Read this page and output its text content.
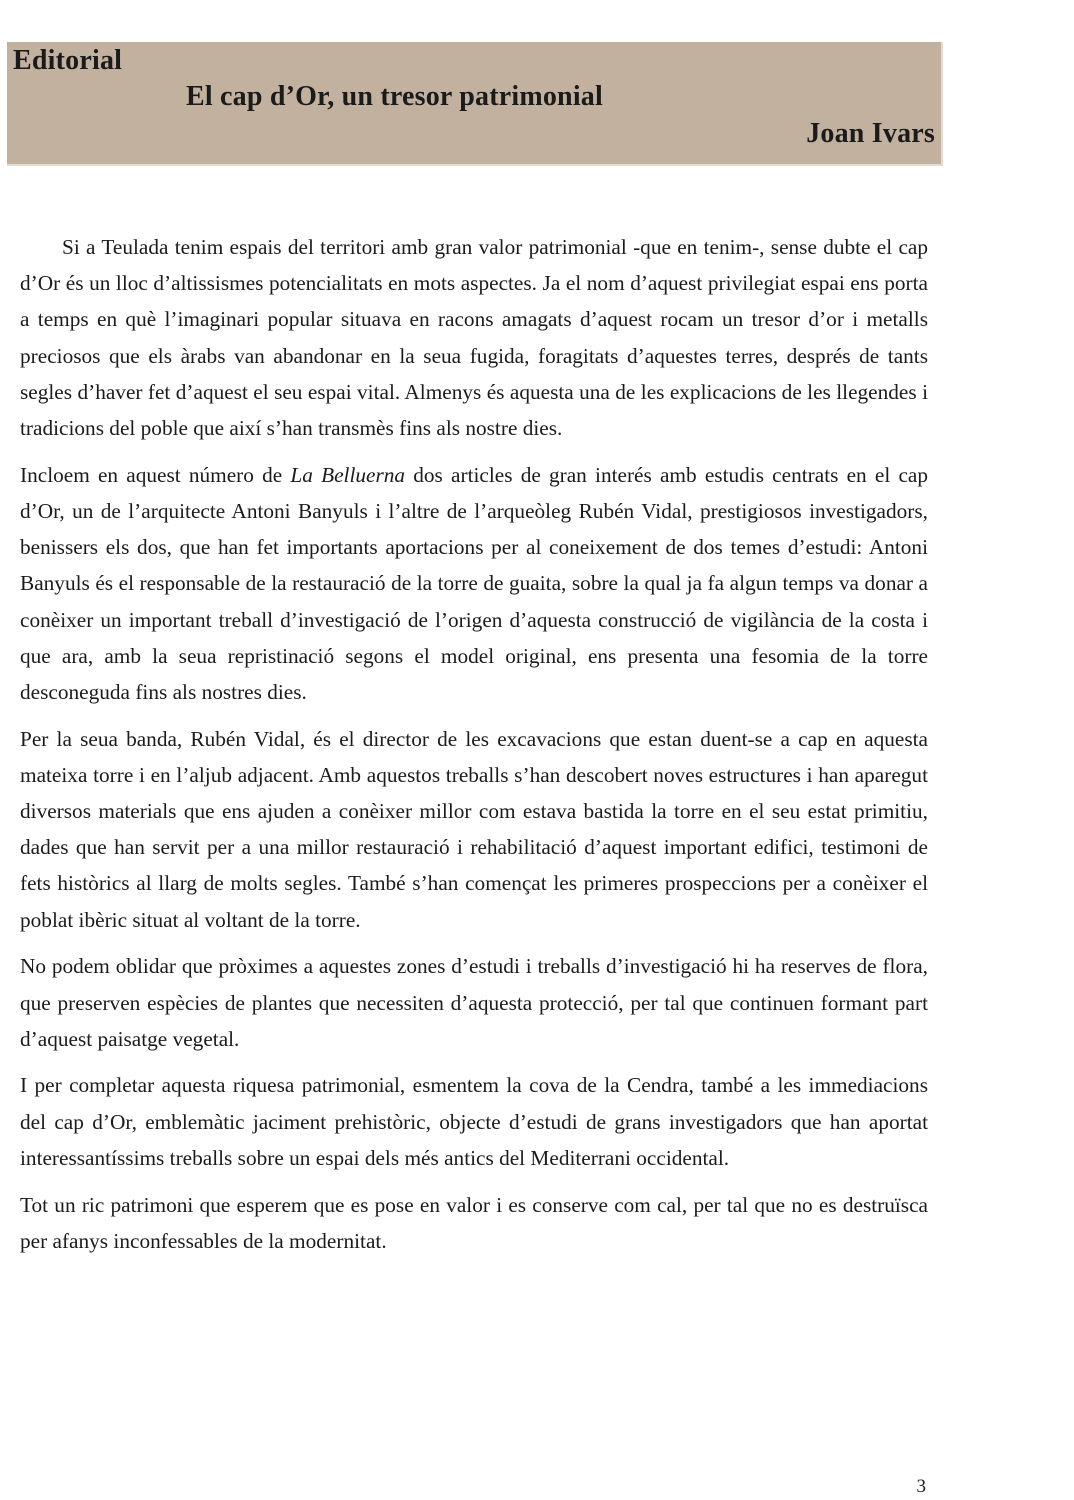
Editorial
El cap d’Or, un tresor patrimonial
Joan Ivars

Si a Teulada tenim espais del territori amb gran valor patrimonial -que en tenim-, sense dubte el cap d’Or és un lloc d’altissismes potencialitats en mots aspectes. Ja el nom d’aquest privilegiat espai ens porta a temps en què l’imaginari popular situava en racons amagats d’aquest rocam un tresor d’or i metalls preciosos que els àrabs van abandonar en la seua fugida, foragitats d’aquestes terres, després de tants segles d’haver fet d’aquest el seu espai vital. Almenys és aquesta una de les explicacions de les llegendes i tradicions del poble que així s’han transmès fins als nostre dies.

Incloem en aquest número de La Belluerna dos articles de gran interés amb estudis centrats en el cap d’Or, un de l’arquitecte Antoni Banyuls i l’altre de l’arqueòleg Rubén Vidal, prestigiosos investigadors, benissers els dos, que han fet importants aportacions per al coneixement de dos temes d’estudi: Antoni Banyuls és el responsable de la restauració de la torre de guaita, sobre la qual ja fa algun temps va donar a conèixer un important treball d’investigació de l’origen d’aquesta construcció de vigilància de la costa i que ara, amb la seua repristinació segons el model original, ens presenta una fesomia de la torre desconeguda fins als nostres dies.

Per la seua banda, Rubén Vidal, és el director de les excavacions que estan duent-se a cap en aquesta mateixa torre i en l’aljub adjacent. Amb aquestos treballs s’han descobert noves estructures i han aparegut diversos materials que ens ajuden a conèixer millor com estava bastida la torre en el seu estat primitiu, dades que han servit per a una millor restauració i rehabilitació d’aquest important edifici, testimoni de fets històrics al llarg de molts segles. També s’han començat les primeres prospeccions per a conèixer el poblat ibèric situat al voltant de la torre.

No podem oblidar que pròximes a aquestes zones d’estudi i treballs d’investigació hi ha reserves de flora, que preserven espècies de plantes que necessiten d’aquesta protecció, per tal que continuen formant part d’aquest paisatge vegetal.

I per completar aquesta riquesa patrimonial, esmentem la cova de la Cendra, també a les immediacions del cap d’Or, emblemàtic jaciment prehistòric, objecte d’estudi de grans investigadors que han aportat interessantíssims treballs sobre un espai dels més antics del Mediterrani occidental.

Tot un ric patrimoni que esperem que es pose en valor i es conserve com cal, per tal que no es destruïsca per afanys inconfessables de la modernitat.

3
